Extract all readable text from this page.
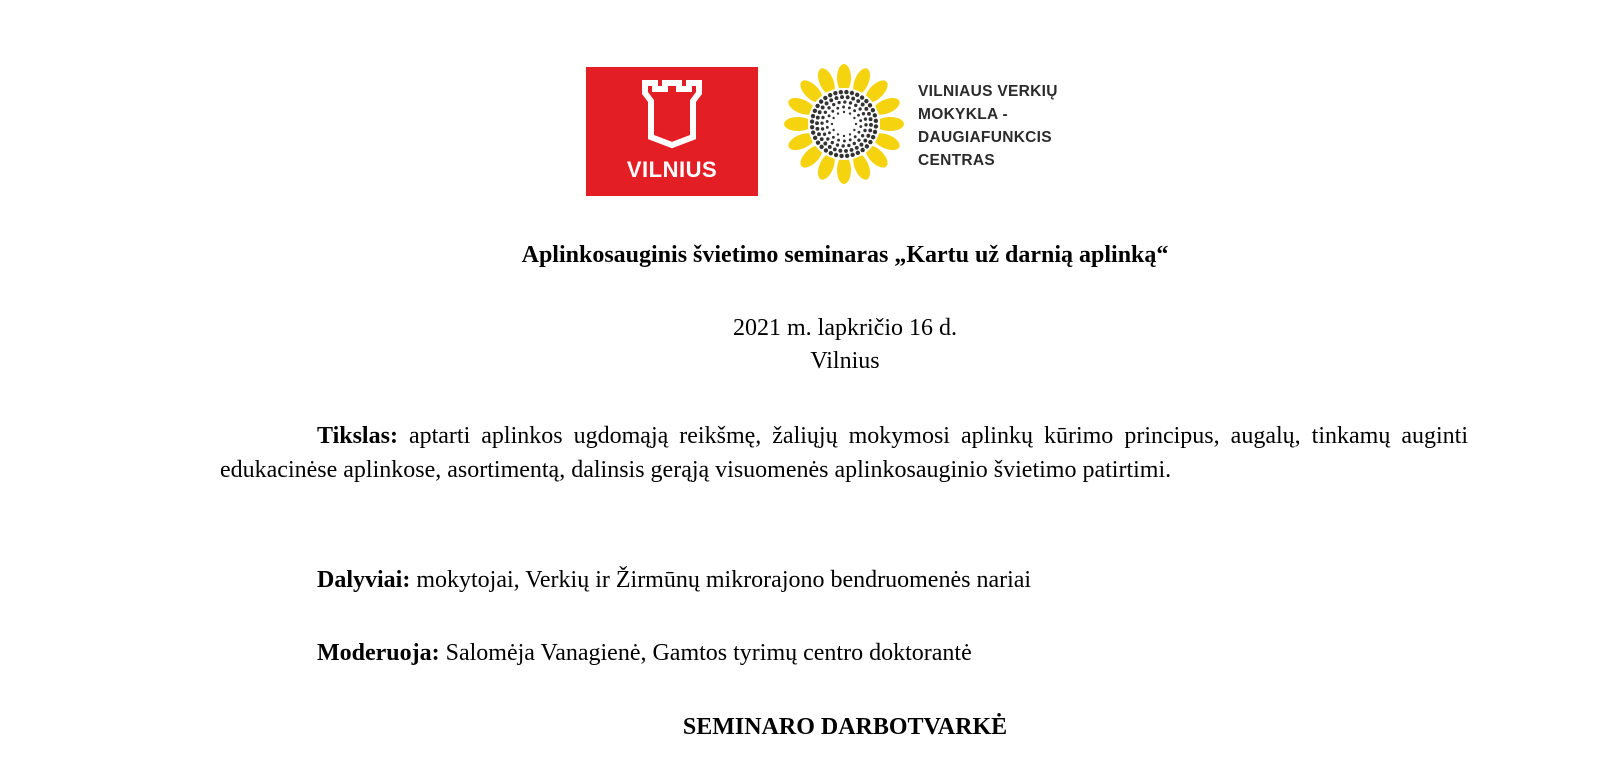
VILNIUS
VILNIAUS VERKIŲ
MOKYKLA -
DAUGIAFUNKCIS
CENTRAS
Aplinkosauginis švietimo seminaras „Kartu už darnią aplinką“
2021 m. lapkričio 16 d.
Vilnius
Tikslas: aptarti aplinkos ugdomąją reikšmę, žaliųjų mokymosi aplinkų kūrimo principus, augalų, tinkamų auginti edukacinėse aplinkose, asortimentą, dalinsis gerąją visuomenės aplinkosauginio švietimo patirtimi.
Dalyviai: mokytojai, Verkių ir Žirmūnų mikrorajono bendruomenės nariai
Moderuoja: Salomėja Vanagienė, Gamtos tyrimų centro doktorantė
SEMINARO DARBOTVARKĖ
